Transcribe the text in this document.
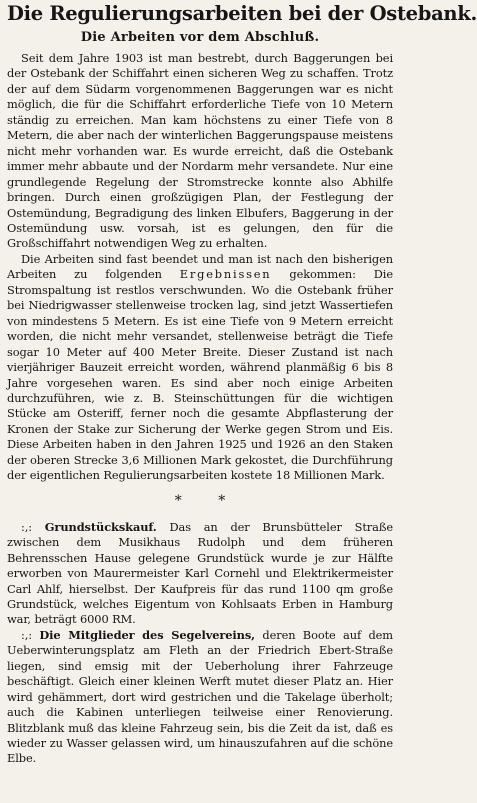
Die Regulierungsarbeiten bei der Ostebank.
Die Arbeiten vor dem Abschluß.

Seit dem Jahre 1903 ist man bestrebt, durch Baggerungen bei der Ostebank der Schiffahrt einen sicheren Weg zu schaffen. Trotz der auf dem Südarm vorgenommenen Baggerungen war es nicht möglich, die für die Schiffahrt erforderliche Tiefe von 10 Metern ständig zu erreichen. Man kam höchstens zu einer Tiefe von 8 Metern, die aber nach der winterlichen Baggerungspause meistens nicht mehr vorhanden war. Es wurde erreicht, daß die Ostebank immer mehr abbaute und der Nordarm mehr versandete. Nur eine grundlegende Regelung der Stromstrecke konnte also Abhilfe bringen. Durch einen großzügigen Plan, der Festlegung der Ostemündung, Begradigung des linken Elbufers, Baggerung in der Ostemündung usw. vorsah, ist es gelungen, den für die Großschiffahrt notwendigen Weg zu erhalten.

Die Arbeiten sind fast beendet und man ist nach den bisherigen Arbeiten zu folgenden Ergebnissen gekommen: Die Stromspaltung ist restlos verschwunden. Wo die Ostebank früher bei Niedrigwasser stellenweise trocken lag, sind jetzt Wassertiefen von mindestens 5 Metern. Es ist eine Tiefe von 9 Metern erreicht worden, die nicht mehr versandet, stellenweise beträgt die Tiefe sogar 10 Meter auf 400 Meter Breite. Dieser Zustand ist nach vierjähriger Bauzeit erreicht worden, während planmäßig 6 bis 8 Jahre vorgesehen waren. Es sind aber noch einige Arbeiten durchzuführen, wie z. B. Steinschüttungen für die wichtigen Stücke am Osteriff, ferner noch die gesamte Abpflasterung der Kronen der Stake zur Sicherung der Werke gegen Strom und Eis. Diese Arbeiten haben in den Jahren 1925 und 1926 an den Staken der oberen Strecke 3,6 Millionen Mark gekostet, die Durchführung der eigentlichen Regulierungsarbeiten kostete 18 Millionen Mark.

* *

:,: Grundstückskauf. Das an der Brunsbütteler Straße zwischen dem Musikhaus Rudolph und dem früheren Behrensschen Hause gelegene Grundstück wurde je zur Hälfte erworben von Maurermeister Karl Cornehl und Elektrikermeister Carl Ahlf, hierselbst. Der Kaufpreis für das rund 1100 qm große Grundstück, welches Eigentum von Kohlsaats Erben in Hamburg war, beträgt 6000 RM.

:,: Die Mitglieder des Segelvereins, deren Boote auf dem Ueberwinterungsplatz am Fleth an der Friedrich Ebert-Straße liegen, sind emsig mit der Ueberholung ihrer Fahrzeuge beschäftigt. Gleich einer kleinen Werft mutet dieser Platz an. Hier wird gehämmert, dort wird gestrichen und die Takelage überholt; auch die Kabinen unterliegen teilweise einer Renovierung. Blitzblank muß das kleine Fahrzeug sein, bis die Zeit da ist, daß es wieder zu Wasser gelassen wird, um hinauszufahren auf die schöne Elbe.
